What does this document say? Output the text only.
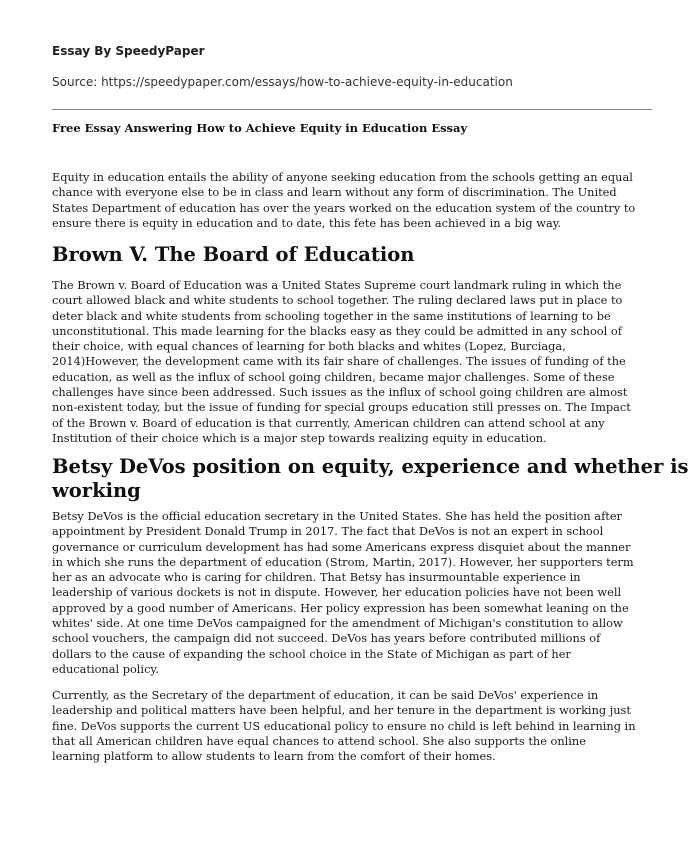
Essay By SpeedyPaper
Source: https://speedypaper.com/essays/how-to-achieve-equity-in-education
Free Essay Answering How to Achieve Equity in Education Essay
Equity in education entails the ability of anyone seeking education from the schools getting an equal
chance with everyone else to be in class and learn without any form of discrimination. The United
States Department of education has over the years worked on the education system of the country to
ensure there is equity in education and to date, this fete has been achieved in a big way.
Brown V. The Board of Education
The Brown v. Board of Education was a United States Supreme court landmark ruling in which the
court allowed black and white students to school together. The ruling declared laws put in place to
deter black and white students from schooling together in the same institutions of learning to be
unconstitutional. This made learning for the blacks easy as they could be admitted in any school of
their choice, with equal chances of learning for both blacks and whites (Lopez, Burciaga,
2014)However, the development came with its fair share of challenges. The issues of funding of the
education, as well as the influx of school going children, became major challenges. Some of these
challenges have since been addressed. Such issues as the influx of school going children are almost
non-existent today, but the issue of funding for special groups education still presses on. The Impact
of the Brown v. Board of education is that currently, American children can attend school at any
Institution of their choice which is a major step towards realizing equity in education.
Betsy DeVos position on equity, experience and whether is
working
Betsy DeVos is the official education secretary in the United States. She has held the position after
appointment by President Donald Trump in 2017. The fact that DeVos is not an expert in school
governance or curriculum development has had some Americans express disquiet about the manner
in which she runs the department of education (Strom, Martin, 2017). However, her supporters term
her as an advocate who is caring for children. That Betsy has insurmountable experience in
leadership of various dockets is not in dispute. However, her education policies have not been well
approved by a good number of Americans. Her policy expression has been somewhat leaning on the
whites' side. At one time DeVos campaigned for the amendment of Michigan's constitution to allow
school vouchers, the campaign did not succeed. DeVos has years before contributed millions of
dollars to the cause of expanding the school choice in the State of Michigan as part of her
educational policy.
Currently, as the Secretary of the department of education, it can be said DeVos' experience in
leadership and political matters have been helpful, and her tenure in the department is working just
fine. DeVos supports the current US educational policy to ensure no child is left behind in learning in
that all American children have equal chances to attend school. She also supports the online
learning platform to allow students to learn from the comfort of their homes.
